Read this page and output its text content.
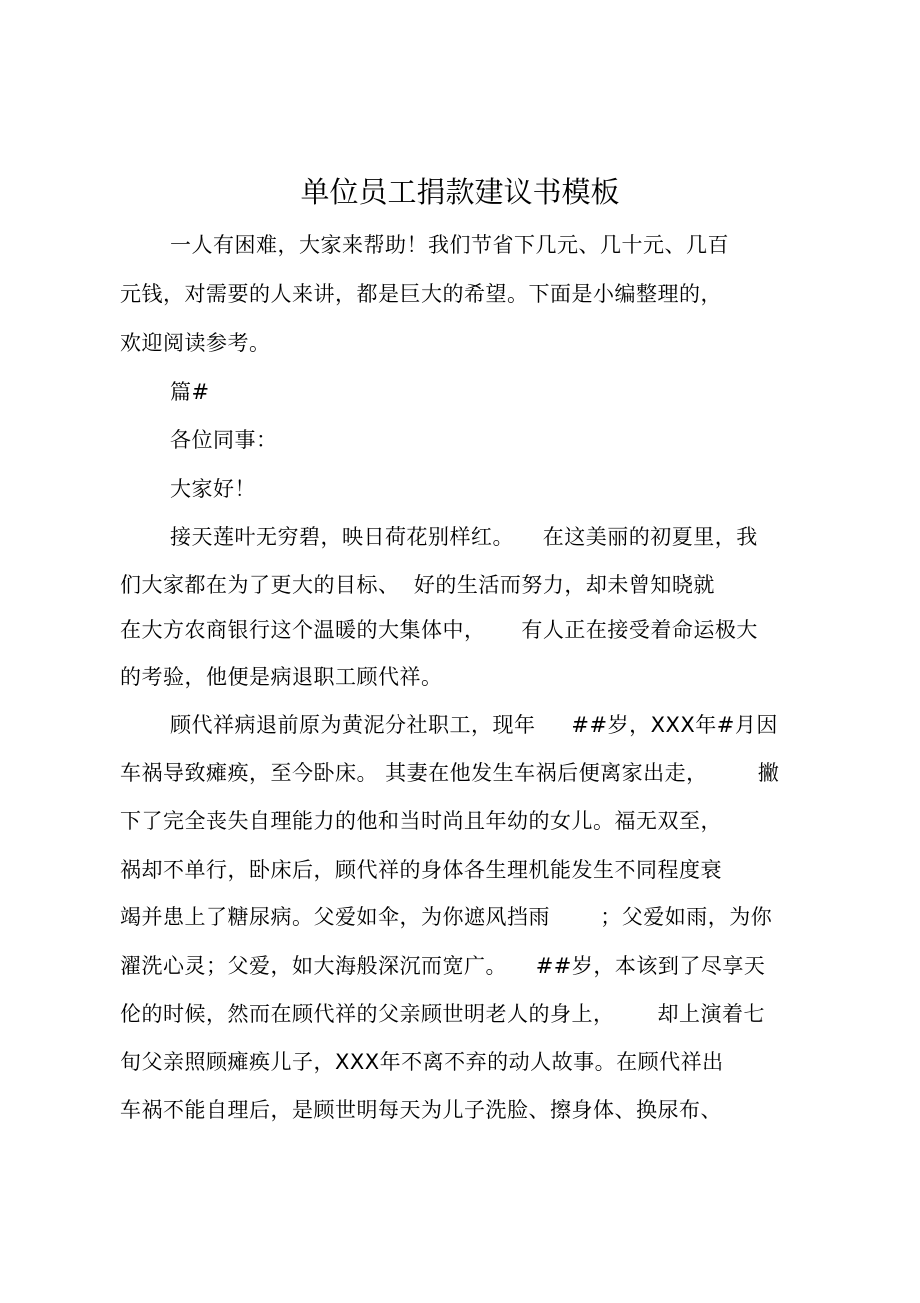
单位员工捐款建议书模板
一人有困难，大家来帮助！我们节省下几元、几十元、几百
元钱，对需要的人来讲，都是巨大的希望。下面是小编整理的，
欢迎阅读参考。
篇#
各位同事：
大家好！
接天莲叶无穷碧，映日荷花别样红。    在这美丽的初夏里，我
们大家都在为了更大的目标、  好的生活而努力，却未曾知晓就
在大方农商银行这个温暖的大集体中，     有人正在接受着命运极大
的考验，他便是病退职工顾代祥。
顾代祥病退前原为黄泥分社职工，现年     ##岁，XXX年#月因
车祸导致瘫痪，至今卧床。 其妻在他发生车祸后便离家出走，       撇
下了完全丧失自理能力的他和当时尚且年幼的女儿。福无双至，
祸却不单行，卧床后，顾代祥的身体各生理机能发生不同程度衰
竭并患上了糖尿病。父爱如伞，为你遮风挡雨       ；父爱如雨，为你
濯洗心灵；父爱，如大海般深沉而宽广。    ##岁，本该到了尽享天
伦的时候，然而在顾代祥的父亲顾世明老人的身上，      却上演着七
旬父亲照顾瘫痪儿子，XXX年不离不弃的动人故事。在顾代祥出
车祸不能自理后，是顾世明每天为儿子洗脸、擦身体、换尿布、
